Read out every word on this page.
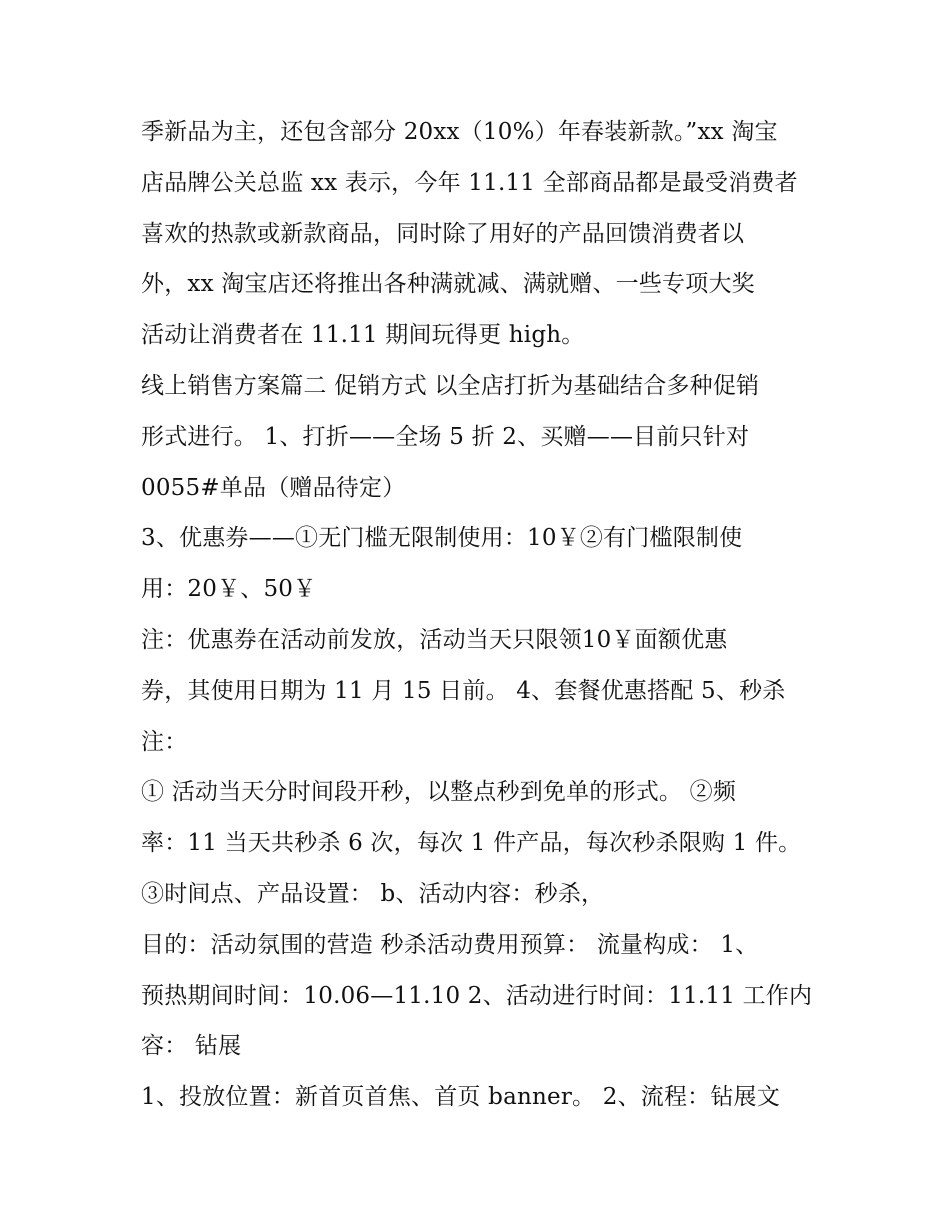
季新品为主，还包含部分 20xx（10%）年春装新款。”xx 淘宝
店品牌公关总监 xx 表示，今年 11.11 全部商品都是最受消费者
喜欢的热款或新款商品，同时除了用好的产品回馈消费者以
外，xx 淘宝店还将推出各种满就减、满就赠、一些专项大奖
活动让消费者在 11.11 期间玩得更 high。
线上销售方案篇二 促销方式 以全店打折为基础结合多种促销
形式进行。 1、打折——全场 5 折 2、买赠——目前只针对
0055#单品（赠品待定）
3、优惠券——①无门槛无限制使用：10￥②有门槛限制使
用：20￥、50￥
注：优惠券在活动前发放，活动当天只限领10￥面额优惠
券，其使用日期为 11 月 15 日前。 4、套餐优惠搭配 5、秒杀
注：
① 活动当天分时间段开秒，以整点秒到免单的形式。 ②频
率：11 当天共秒杀 6 次，每次 1 件产品，每次秒杀限购 1 件。
③时间点、产品设置： b、活动内容：秒杀，
目的：活动氛围的营造 秒杀活动费用预算： 流量构成： 1、
预热期间时间：10.06—11.10 2、活动进行时间：11.11 工作内
容： 钻展
1、投放位置：新首页首焦、首页 banner。 2、流程：钻展文
